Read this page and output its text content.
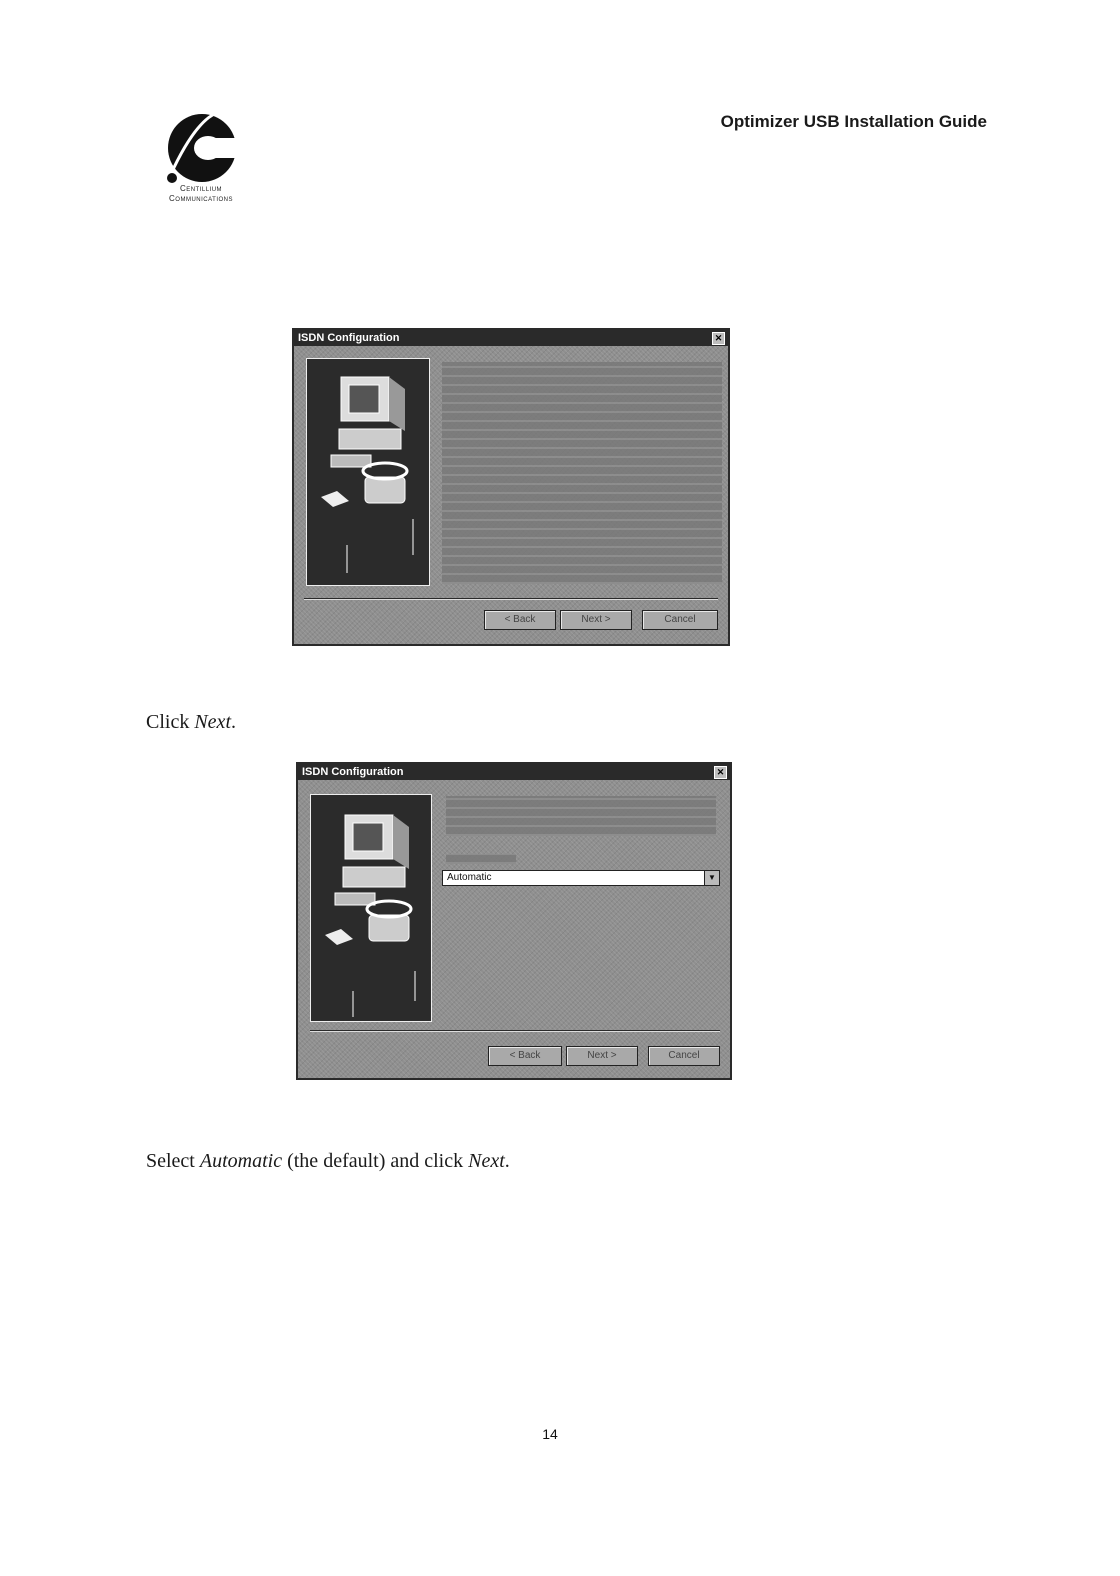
Centillium
Communications
Optimizer USB Installation Guide
ISDN Configuration	✕
< Back	Next >	Cancel
Click Next.
ISDN Configuration	✕
Automatic	▼
< Back	Next >	Cancel
Select Automatic (the default) and click Next.
14
